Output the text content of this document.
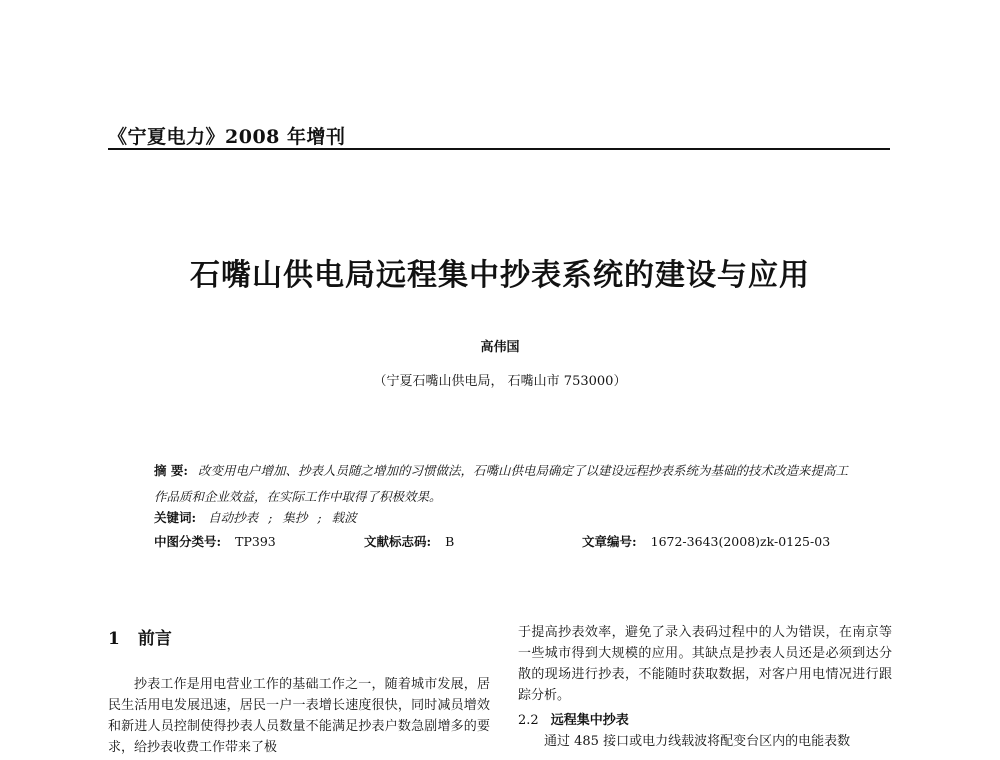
《宁夏电力》2008 年增刊
石嘴山供电局远程集中抄表系统的建设与应用
高伟国
（宁夏石嘴山供电局， 石嘴山市 753000）
摘 要: 改变用电户增加、抄表人员随之增加的习惯做法，石嘴山供电局确定了以建设远程抄表系统为基础的技术改造来提高工作品质和企业效益，在实际工作中取得了积极效果。
关键词: 自动抄表 ; 集抄 ; 载波
中图分类号: TP393	文献标志码: B	文章编号: 1672-3643(2008)zk-0125-03
1 前言

抄表工作是用电营业工作的基础工作之一，随着城市发展，居民生活用电发展迅速，居民一户一表增长速度很快，同时减员增效和新进人员控制使得抄表人员数量不能满足抄表户数急剧增多的要求，给抄表收费工作带来了极

于提高抄表效率，避免了录入表码过程中的人为错误，在南京等一些城市得到大规模的应用。其缺点是抄表人员还是必须到达分散的现场进行抄表，不能随时获取数据，对客户用电情况进行跟踪分析。

2.2 远程集中抄表

通过 485 接口或电力线载波将配变台区内的电能表数
